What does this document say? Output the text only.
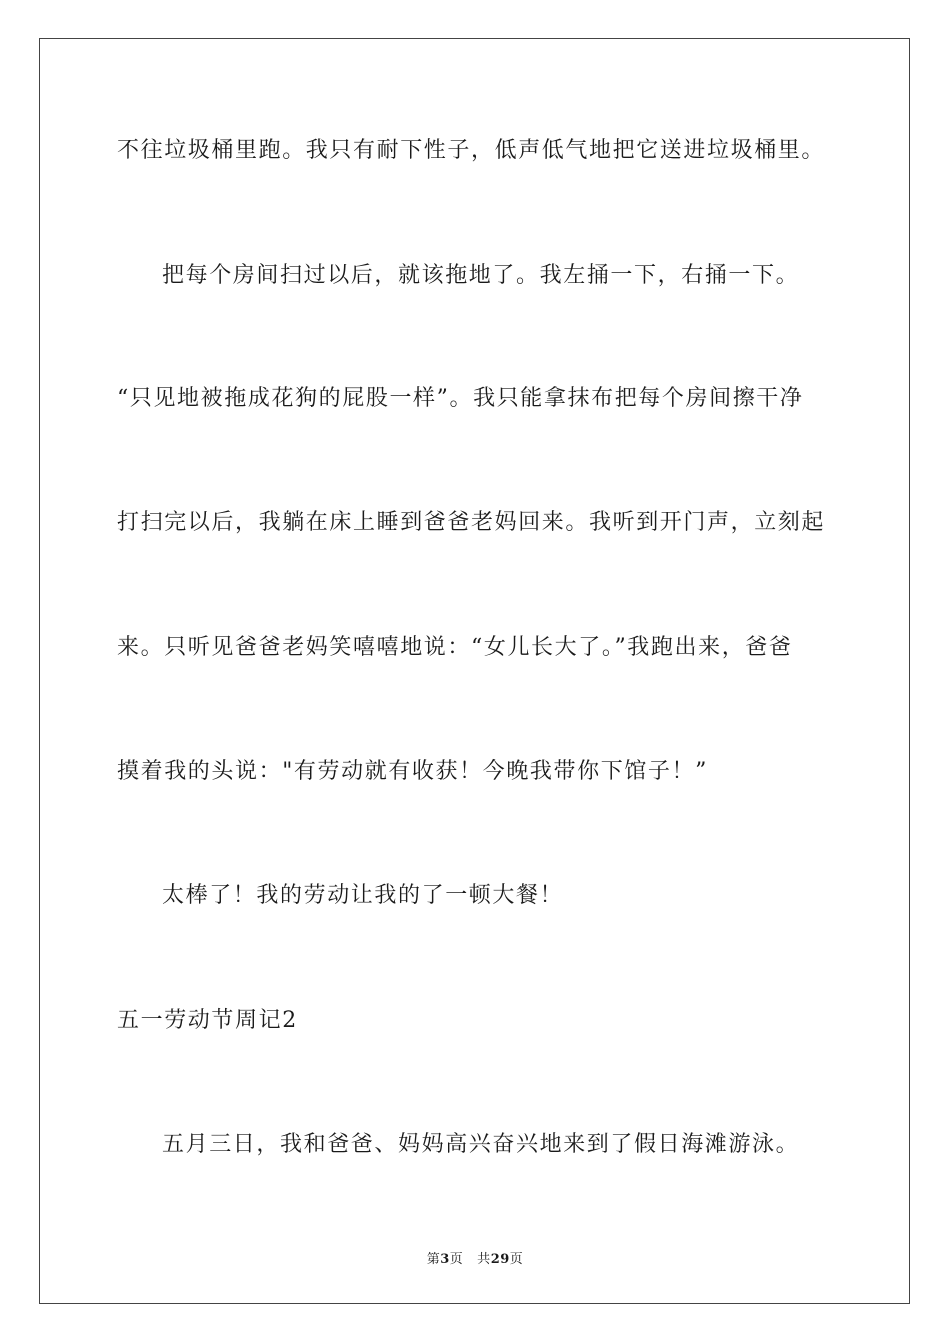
不往垃圾桶里跑。我只有耐下性子，低声低气地把它送进垃圾桶里。
把每个房间扫过以后，就该拖地了。我左捅一下，右捅一下。
“只见地被拖成花狗的屁股一样”。我只能拿抹布把每个房间擦干净
打扫完以后，我躺在床上睡到爸爸老妈回来。我听到开门声，立刻起
来。只听见爸爸老妈笑嘻嘻地说：“女儿长大了。”我跑出来，爸爸
摸着我的头说："有劳动就有收获！今晚我带你下馆子！”
太棒了！我的劳动让我的了一顿大餐！
五一劳动节周记2
五月三日，我和爸爸、妈妈高兴奋兴地来到了假日海滩游泳。
第3页 共29页
